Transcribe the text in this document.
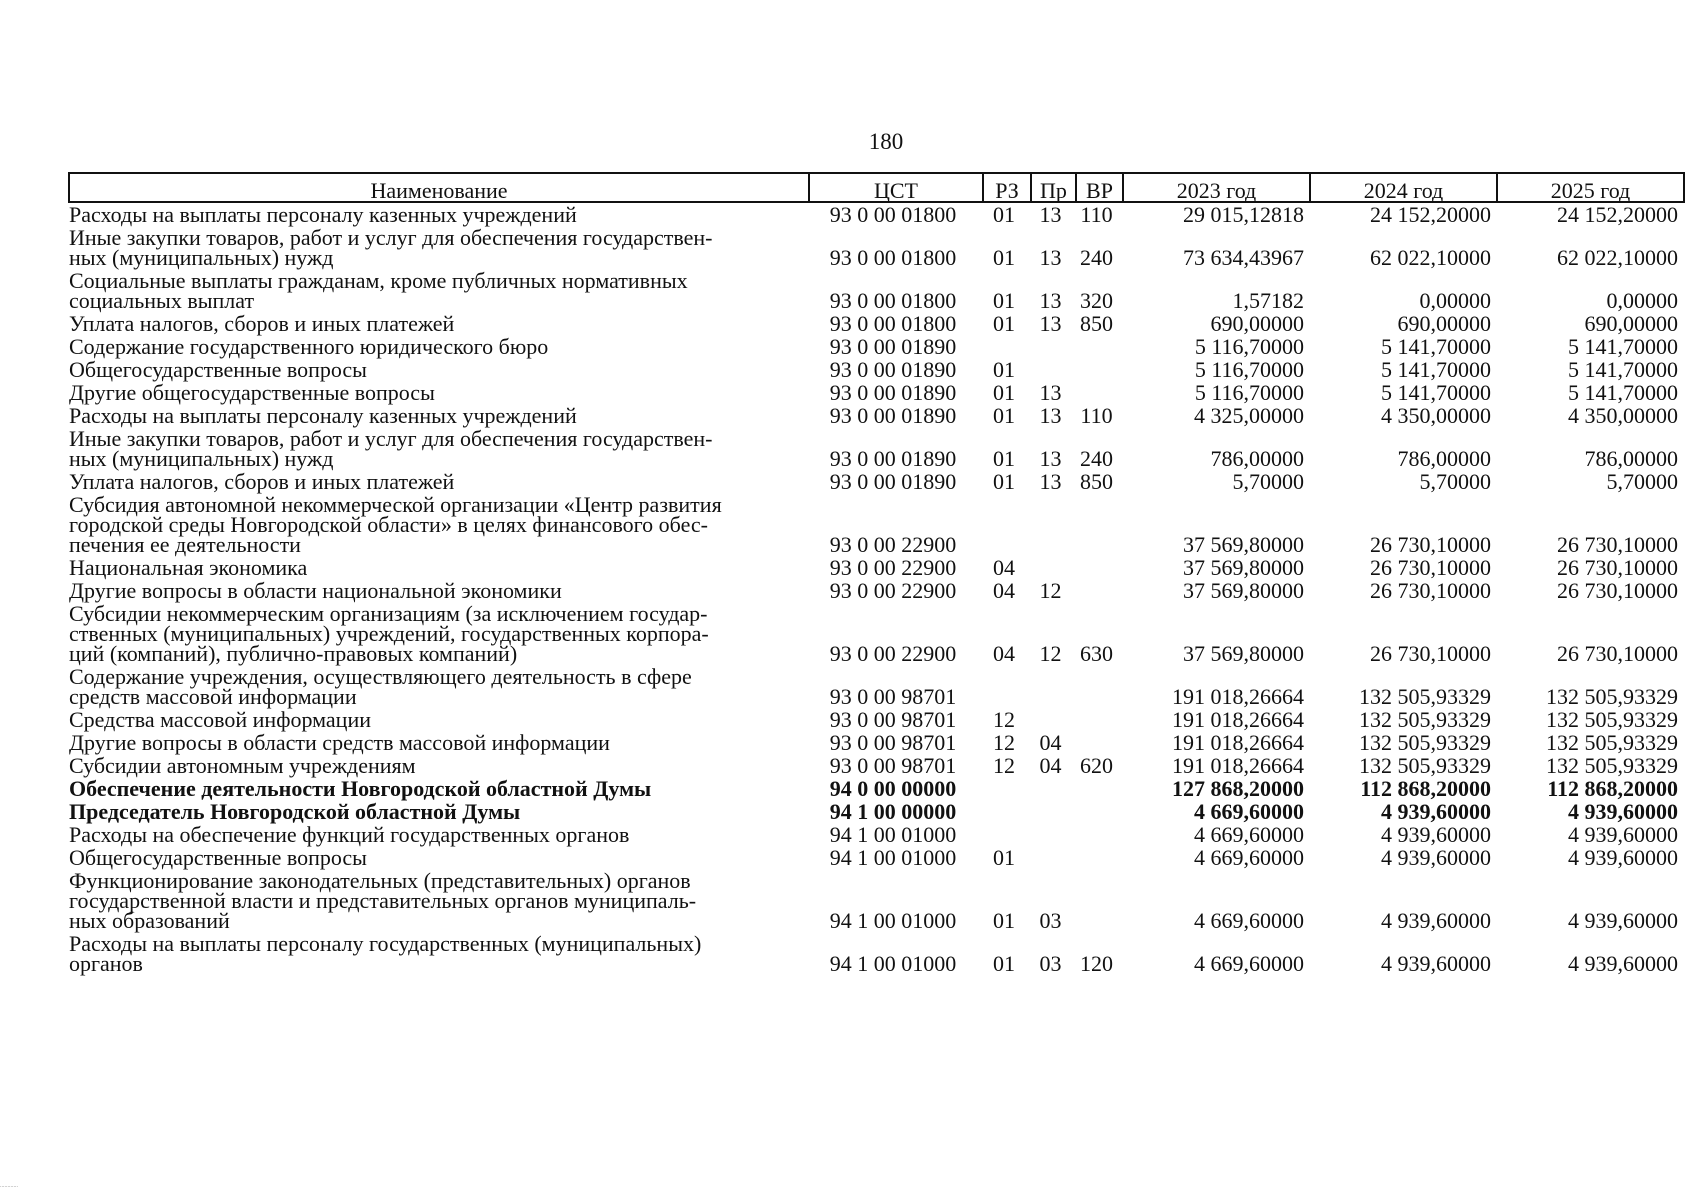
180
Наименование	ЦСТ	РЗ	Пр	ВР	2023 год	2024 год	2025 год
Расходы на выплаты персоналу казенных учреждений	93 0 00 01800	01	13	110	29 015,12818	24 152,20000	24 152,20000
Иные закупки товаров, работ и услуг для обеспечения государствен-
ных (муниципальных) нужд	93 0 00 01800	01	13	240	73 634,43967	62 022,10000	62 022,10000
Социальные выплаты гражданам, кроме публичных нормативных
социальных выплат	93 0 00 01800	01	13	320	1,57182	0,00000	0,00000
Уплата налогов, сборов и иных платежей	93 0 00 01800	01	13	850	690,00000	690,00000	690,00000
Содержание государственного юридического бюро	93 0 00 01890				5 116,70000	5 141,70000	5 141,70000
Общегосударственные вопросы	93 0 00 01890	01			5 116,70000	5 141,70000	5 141,70000
Другие общегосударственные вопросы	93 0 00 01890	01	13		5 116,70000	5 141,70000	5 141,70000
Расходы на выплаты персоналу казенных учреждений	93 0 00 01890	01	13	110	4 325,00000	4 350,00000	4 350,00000
Иные закупки товаров, работ и услуг для обеспечения государствен-
ных (муниципальных) нужд	93 0 00 01890	01	13	240	786,00000	786,00000	786,00000
Уплата налогов, сборов и иных платежей	93 0 00 01890	01	13	850	5,70000	5,70000	5,70000
Субсидия автономной некоммерческой организации «Центр развития
городской среды Новгородской области» в целях финансового обес-
печения ее деятельности	93 0 00 22900				37 569,80000	26 730,10000	26 730,10000
Национальная экономика	93 0 00 22900	04			37 569,80000	26 730,10000	26 730,10000
Другие вопросы в области национальной экономики	93 0 00 22900	04	12		37 569,80000	26 730,10000	26 730,10000
Субсидии некоммерческим организациям (за исключением государ-
ственных (муниципальных) учреждений, государственных корпора-
ций (компаний), публично-правовых компаний)	93 0 00 22900	04	12	630	37 569,80000	26 730,10000	26 730,10000
Содержание учреждения, осуществляющего деятельность в сфере
средств массовой информации	93 0 00 98701				191 018,26664	132 505,93329	132 505,93329
Средства массовой информации	93 0 00 98701	12			191 018,26664	132 505,93329	132 505,93329
Другие вопросы в области средств массовой информации	93 0 00 98701	12	04		191 018,26664	132 505,93329	132 505,93329
Субсидии автономным учреждениям	93 0 00 98701	12	04	620	191 018,26664	132 505,93329	132 505,93329
Обеспечение деятельности Новгородской областной Думы	94 0 00 00000				127 868,20000	112 868,20000	112 868,20000
Председатель Новгородской областной Думы	94 1 00 00000				4 669,60000	4 939,60000	4 939,60000
Расходы на обеспечение функций государственных органов	94 1 00 01000				4 669,60000	4 939,60000	4 939,60000
Общегосударственные вопросы	94 1 00 01000	01			4 669,60000	4 939,60000	4 939,60000
Функционирование законодательных (представительных) органов
государственной власти и представительных органов муниципаль-
ных образований	94 1 00 01000	01	03		4 669,60000	4 939,60000	4 939,60000
Расходы на выплаты персоналу государственных (муниципальных)
органов	94 1 00 01000	01	03	120	4 669,60000	4 939,60000	4 939,60000
............
